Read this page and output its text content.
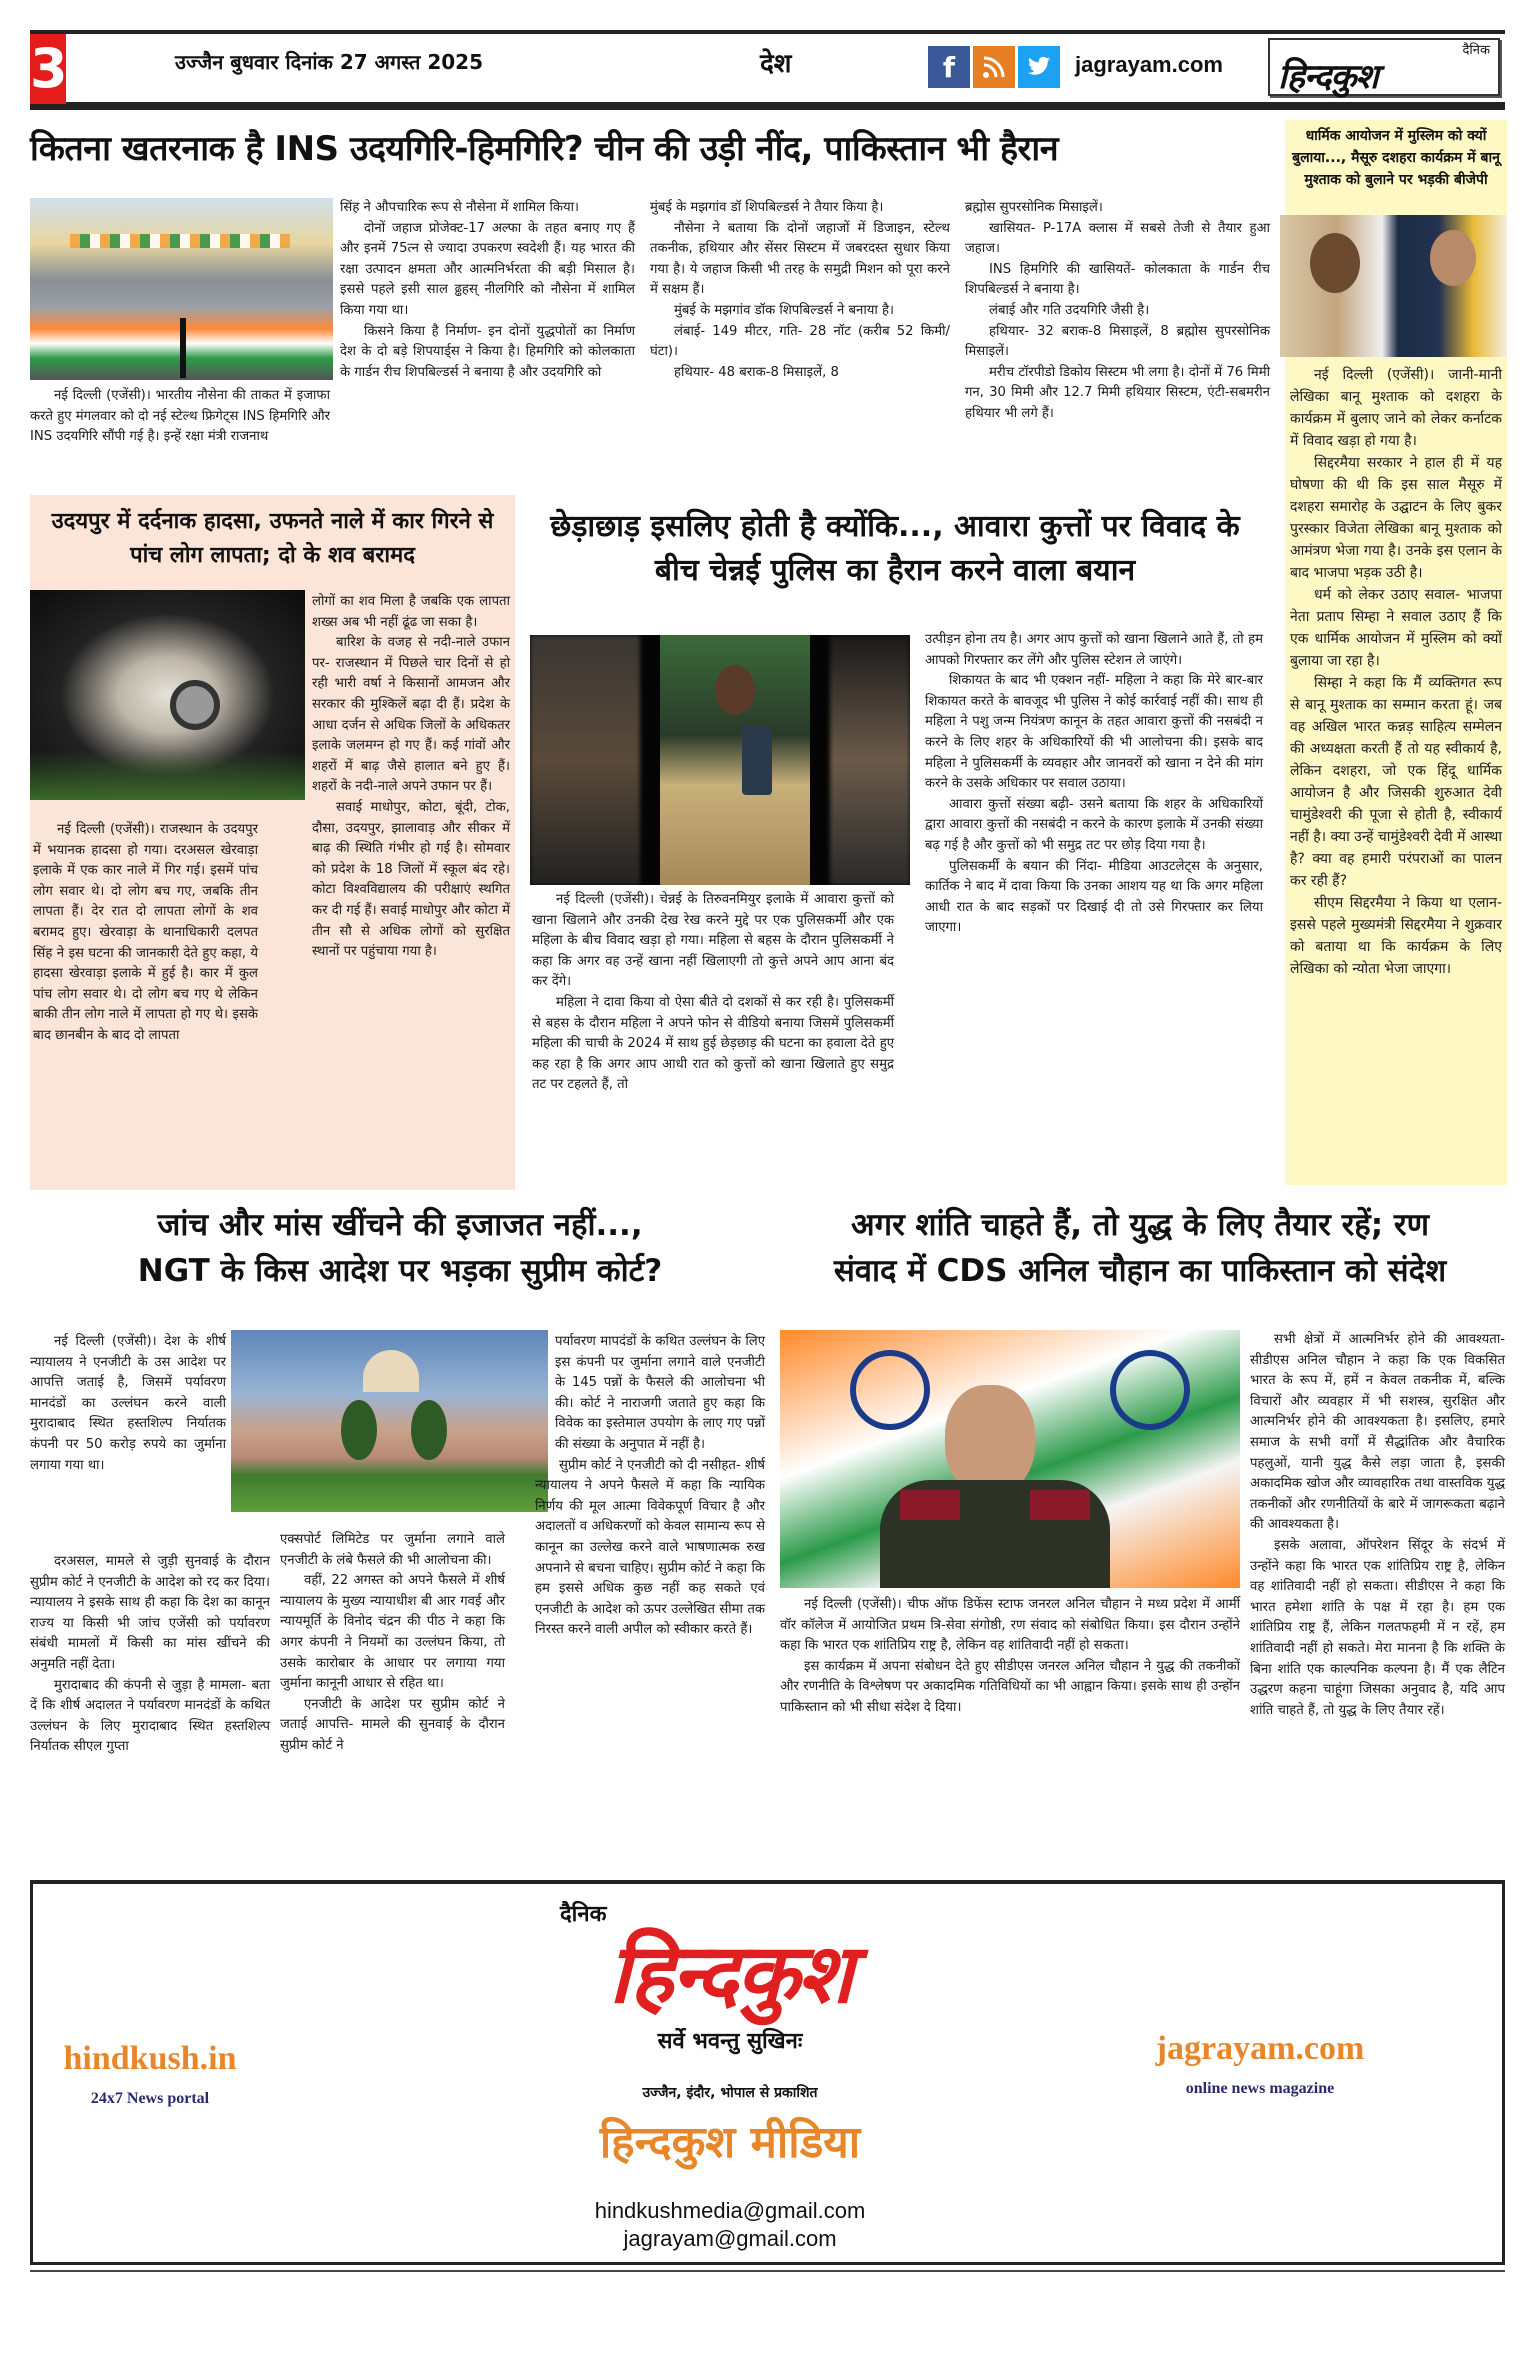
3	उज्जैन बुधवार दिनांक 27 अगस्त 2025	देश	f	jagrayam.com
दैनिक
हिन्दकुश
कितना खतरनाक है INS उदयगिरि-हिमगिरि? चीन की उड़ी नींद, पाकिस्तान भी हैरान

नई दिल्ली (एजेंसी)। भारतीय नौसेना की ताकत में इजाफा करते हुए मंगलवार को दो नई स्टेल्थ फ्रिगेट्स INS हिमगिरि और INS उदयगिरि सौंपी गई है। इन्हें रक्षा मंत्री राजनाथ

सिंह ने औपचारिक रूप से नौसेना में शामिल किया।

दोनों जहाज प्रोजेक्ट-17 अल्फा के तहत बनाए गए हैं और इनमें 75त्न से ज्यादा उपकरण स्वदेशी हैं। यह भारत की रक्षा उत्पादन क्षमता और आत्मनिर्भरता की बड़ी मिसाल है। इससे पहले इसी साल ढ्ढहस् नीलगिरि को नौसेना में शामिल किया गया था।

किसने किया है निर्माण- इन दोनों युद्धपोतों का निर्माण देश के दो बड़े शिपयार्ड्स ने किया है। हिमगिरि को कोलकाता के गार्डन रीच शिपबिल्डर्स ने बनाया है और उदयगिरि को

मुंबई के मझगांव डॉ शिपबिल्डर्स ने तैयार किया है।

नौसेना ने बताया कि दोनों जहाजों में डिजाइन, स्टेल्थ तकनीक, हथियार और सेंसर सिस्टम में जबरदस्त सुधार किया गया है। ये जहाज किसी भी तरह के समुद्री मिशन को पूरा करने में सक्षम हैं।

मुंबई के मझगांव डॉक शिपबिल्डर्स ने बनाया है।

लंबाई- 149 मीटर, गति- 28 नॉट (करीब 52 किमी/घंटा)।

हथियार- 48 बराक-8 मिसाइलें, 8

ब्रह्मोस सुपरसोनिक मिसाइलें।

खासियत- P-17A क्लास में सबसे तेजी से तैयार हुआ जहाज।

INS हिमगिरि की खासियतें- कोलकाता के गार्डन रीच शिपबिल्डर्स ने बनाया है।

लंबाई और गति उदयगिरि जैसी है।

हथियार- 32 बराक-8 मिसाइलें, 8 ब्रह्मोस सुपरसोनिक मिसाइलें।

मरीच टॉरपीडो डिकोय सिस्टम भी लगा है। दोनों में 76 मिमी गन, 30 मिमी और 12.7 मिमी हथियार सिस्टम, एंटी-सबमरीन हथियार भी लगे हैं।

धार्मिक आयोजन में मुस्लिम को क्यों बुलाया..., मैसूरु दशहरा कार्यक्रम में बानू मुश्ताक को बुलाने पर भड़की बीजेपी

नई दिल्ली (एजेंसी)। जानी-मानी लेखिका बानू मुश्ताक को दशहरा के कार्यक्रम में बुलाए जाने को लेकर कर्नाटक में विवाद खड़ा हो गया है।

सिद्दरमैया सरकार ने हाल ही में यह घोषणा की थी कि इस साल मैसूरु में दशहरा समारोह के उद्घाटन के लिए बुकर पुरस्कार विजेता लेखिका बानू मुश्ताक को आमंत्रण भेजा गया है। उनके इस एलान के बाद भाजपा भड़क उठी है।

धर्म को लेकर उठाए सवाल- भाजपा नेता प्रताप सिम्हा ने सवाल उठाए हैं कि एक धार्मिक आयोजन में मुस्लिम को क्यों बुलाया जा रहा है।

सिम्हा ने कहा कि मैं व्यक्तिगत रूप से बानू मुश्ताक का सम्मान करता हूं। जब वह अखिल भारत कन्नड़ साहित्य सम्मेलन की अध्यक्षता करती हैं तो यह स्वीकार्य है, लेकिन दशहरा, जो एक हिंदू धार्मिक आयोजन है और जिसकी शुरुआत देवी चामुंडेश्वरी की पूजा से होती है, स्वीकार्य नहीं है। क्या उन्हें चामुंडेश्वरी देवी में आस्था है? क्या वह हमारी परंपराओं का पालन कर रही हैं?

सीएम सिद्दरमैया ने किया था एलान- इससे पहले मुख्यमंत्री सिद्दरमैया ने शुक्रवार को बताया था कि कार्यक्रम के लिए लेखिका को न्योता भेजा जाएगा।

उदयपुर में दर्दनाक हादसा, उफनते नाले में कार गिरने से पांच लोग लापता; दो के शव बरामद

लोगों का शव मिला है जबकि एक लापता शख्स अब भी नहीं ढूंढ जा सका है।

बारिश के वजह से नदी-नाले उफान पर- राजस्थान में पिछले चार दिनों से हो रही भारी वर्षा ने किसानों आमजन और सरकार की मुश्किलें बढ़ा दी हैं। प्रदेश के आधा दर्जन से अधिक जिलों के अधिकतर इलाके जलमग्न हो गए हैं। कई गांवों और शहरों में बाढ़ जैसे हालात बने हुए हैं। शहरों के नदी-नाले अपने उफान पर हैं।

सवाई माधोपुर, कोटा, बूंदी, टोक, दौसा, उदयपुर, झालावाड़ और सीकर में बाढ़ की स्थिति गंभीर हो गई है। सोमवार को प्रदेश के 18 जिलों में स्कूल बंद रहे। कोटा विश्वविद्यालय की परीक्षाएं स्थगित कर दी गई हैं। सवाई माधोपुर और कोटा में तीन सौ से अधिक लोगों को सुरक्षित स्थानों पर पहुंचाया गया है।

नई दिल्ली (एजेंसी)। राजस्थान के उदयपुर में भयानक हादसा हो गया। दरअसल खेरवाड़ा इलाके में एक कार नाले में गिर गई। इसमें पांच लोग सवार थे। दो लोग बच गए, जबकि तीन लापता हैं। देर रात दो लापता लोगों के शव बरामद हुए। खेरवाड़ा के थानाधिकारी दलपत सिंह ने इस घटना की जानकारी देते हुए कहा, ये हादसा खेरवाड़ा इलाके में हुई है। कार में कुल पांच लोग सवार थे। दो लोग बच गए थे लेकिन बाकी तीन लोग नाले में लापता हो गए थे। इसके बाद छानबीन के बाद दो लापता

छेड़ाछाड़ इसलिए होती है क्योंकि..., आवारा कुत्तों पर विवाद के बीच चेन्नई पुलिस का हैरान करने वाला बयान

नई दिल्ली (एजेंसी)। चेन्नई के तिरुवनमियुर इलाके में आवारा कुत्तों को खाना खिलाने और उनकी देख रेख करने मुद्दे पर एक पुलिसकर्मी और एक महिला के बीच विवाद खड़ा हो गया। महिला से बहस के दौरान पुलिसकर्मी ने कहा कि अगर वह उन्हें खाना नहीं खिलाएगी तो कुत्ते अपने आप आना बंद कर देंगे।

महिला ने दावा किया वो ऐसा बीते दो दशकों से कर रही है। पुलिसकर्मी से बहस के दौरान महिला ने अपने फोन से वीडियो बनाया जिसमें पुलिसकर्मी महिला की चाची के 2024 में साथ हुई छेड़छाड़ की घटना का हवाला देते हुए कह रहा है कि अगर आप आधी रात को कुत्तों को खाना खिलाते हुए समुद्र तट पर टहलते हैं, तो

उत्पीड़न होना तय है। अगर आप कुत्तों को खाना खिलाने आते हैं, तो हम आपको गिरफ्तार कर लेंगे और पुलिस स्टेशन ले जाएंगे।

शिकायत के बाद भी एक्शन नहीं- महिला ने कहा कि मेरे बार-बार शिकायत करते के बावजूद भी पुलिस ने कोई कार्रवाई नहीं की। साथ ही महिला ने पशु जन्म नियंत्रण कानून के तहत आवारा कुत्तों की नसबंदी न करने के लिए शहर के अधिकारियों की भी आलोचना की। इसके बाद महिला ने पुलिसकर्मी के व्यवहार और जानवरों को खाना न देने की मांग करने के उसके अधिकार पर सवाल उठाया।

आवारा कुत्तों संख्या बढ़ी- उसने बताया कि शहर के अधिकारियों द्वारा आवारा कुत्तों की नसबंदी न करने के कारण इलाके में उनकी संख्या बढ़ गई है और कुत्तों को भी समुद्र तट पर छोड़ दिया गया है।

पुलिसकर्मी के बयान की निंदा- मीडिया आउटलेट्स के अनुसार, कार्तिक ने बाद में दावा किया कि उनका आशय यह था कि अगर महिला आधी रात के बाद सड़कों पर दिखाई दी तो उसे गिरफ्तार कर लिया जाएगा।

जांच और मांस खींचने की इजाजत नहीं...,
NGT के किस आदेश पर भड़का सुप्रीम कोर्ट?

नई दिल्ली (एजेंसी)। देश के शीर्ष न्यायालय ने एनजीटी के उस आदेश पर आपत्ति जताई है, जिसमें पर्यावरण मानदंडों का उल्लंघन करने वाली मुरादाबाद स्थित हस्तशिल्प निर्यातक कंपनी पर 50 करोड़ रुपये का जुर्माना लगाया गया था।

दरअसल, मामले से जुड़ी सुनवाई के दौरान सुप्रीम कोर्ट ने एनजीटी के आदेश को रद कर दिया। न्यायालय ने इसके साथ ही कहा कि देश का कानून राज्य या किसी भी जांच एजेंसी को पर्यावरण संबंधी मामलों में किसी का मांस खींचने की अनुमति नहीं देता।

मुरादाबाद की कंपनी से जुड़ा है मामला- बता दें कि शीर्ष अदालत ने पर्यावरण मानदंडों के कथित उल्लंघन के लिए मुरादाबाद स्थित हस्तशिल्प निर्यातक सीएल गुप्ता

एक्सपोर्ट लिमिटेड पर जुर्माना लगाने वाले एनजीटी के लंबे फैसले की भी आलोचना की।

वहीं, 22 अगस्त को अपने फैसले में शीर्ष न्यायालय के मुख्य न्यायाधीश बी आर गवई और न्यायमूर्ति के विनोद चंद्रन की पीठ ने कहा कि अगर कंपनी ने नियमों का उल्लंघन किया, तो उसके कारोबार के आधार पर लगाया गया जुर्माना कानूनी आधार से रहित था।

एनजीटी के आदेश पर सुप्रीम कोर्ट ने जताई आपत्ति- मामले की सुनवाई के दौरान सुप्रीम कोर्ट ने

पर्यावरण मापदंडों के कथित उल्लंघन के लिए इस कंपनी पर जुर्माना लगाने वाले एनजीटी के 145 पन्नों के फैसले की आलोचना भी की। कोर्ट ने नाराजगी जताते हुए कहा कि विवेक का इस्तेमाल उपयोग के लाए गए पन्नों की संख्या के अनुपात में नहीं है।

सुप्रीम कोर्ट ने एनजीटी को दी नसीहत- शीर्ष न्यायालय ने अपने फैसले में कहा कि न्यायिक निर्णय की मूल आत्मा विवेकपूर्ण विचार है और अदालतों व अधिकरणों को केवल सामान्य रूप से कानून का उल्लेख करने वाले भाषणात्मक रुख अपनाने से बचना चाहिए। सुप्रीम कोर्ट ने कहा कि हम इससे अधिक कुछ नहीं कह सकते एवं एनजीटी के आदेश को ऊपर उल्लेखित सीमा तक निरस्त करने वाली अपील को स्वीकार करते हैं।

अगर शांति चाहते हैं, तो युद्ध के लिए तैयार रहें; रण
संवाद में CDS अनिल चौहान का पाकिस्तान को संदेश

सभी क्षेत्रों में आत्मनिर्भर होने की आवश्यता-सीडीएस अनिल चौहान ने कहा कि एक विकसित भारत के रूप में, हमें न केवल तकनीक में, बल्कि विचारों और व्यवहार में भी सशस्त्र, सुरक्षित और आत्मनिर्भर होने की आवश्यकता है। इसलिए, हमारे समाज के सभी वर्गों में सैद्धांतिक और वैचारिक पहलुओं, यानी युद्ध कैसे लड़ा जाता है, इसकी अकादमिक खोज और व्यावहारिक तथा वास्तविक युद्ध तकनीकों और रणनीतियों के बारे में जागरूकता बढ़ाने की आवश्यकता है।

इसके अलावा, ऑपरेशन सिंदूर के संदर्भ में उन्होंने कहा कि भारत एक शांतिप्रिय राष्ट्र है, लेकिन वह शांतिवादी नहीं हो सकता। सीडीएस ने कहा कि भारत हमेशा शांति के पक्ष में रहा है। हम एक शांतिप्रिय राष्ट्र हैं, लेकिन गलतफहमी में न रहें, हम शांतिवादी नहीं हो सकते। मेरा मानना है कि शक्ति के बिना शांति एक काल्पनिक कल्पना है। मैं एक लैटिन उद्धरण कहना चाहूंगा जिसका अनुवाद है, यदि आप शांति चाहते हैं, तो युद्ध के लिए तैयार रहें।

नई दिल्ली (एजेंसी)। चीफ ऑफ डिफेंस स्टाफ जनरल अनिल चौहान ने मध्य प्रदेश में आर्मी वॉर कॉलेज में आयोजित प्रथम त्रि-सेवा संगोष्ठी, रण संवाद को संबोधित किया। इस दौरान उन्होंने कहा कि भारत एक शांतिप्रिय राष्ट्र है, लेकिन वह शांतिवादी नहीं हो सकता।

इस कार्यक्रम में अपना संबोधन देते हुए सीडीएस जनरल अनिल चौहान ने युद्ध की तकनीकों और रणनीति के विश्लेषण पर अकादमिक गतिविधियों का भी आह्वान किया। इसके साथ ही उन्होंन पाकिस्तान को भी सीधा संदेश दे दिया।

दैनिक
हिन्दकुश
सर्वे भवन्तु सुखिनः
उज्जैन, इंदौर, भोपाल से प्रकाशित
हिन्दकुश मीडिया
hindkushmedia@gmail.com
jagrayam@gmail.com
hindkush.in
24x7 News portal
jagrayam.com
online news magazine
